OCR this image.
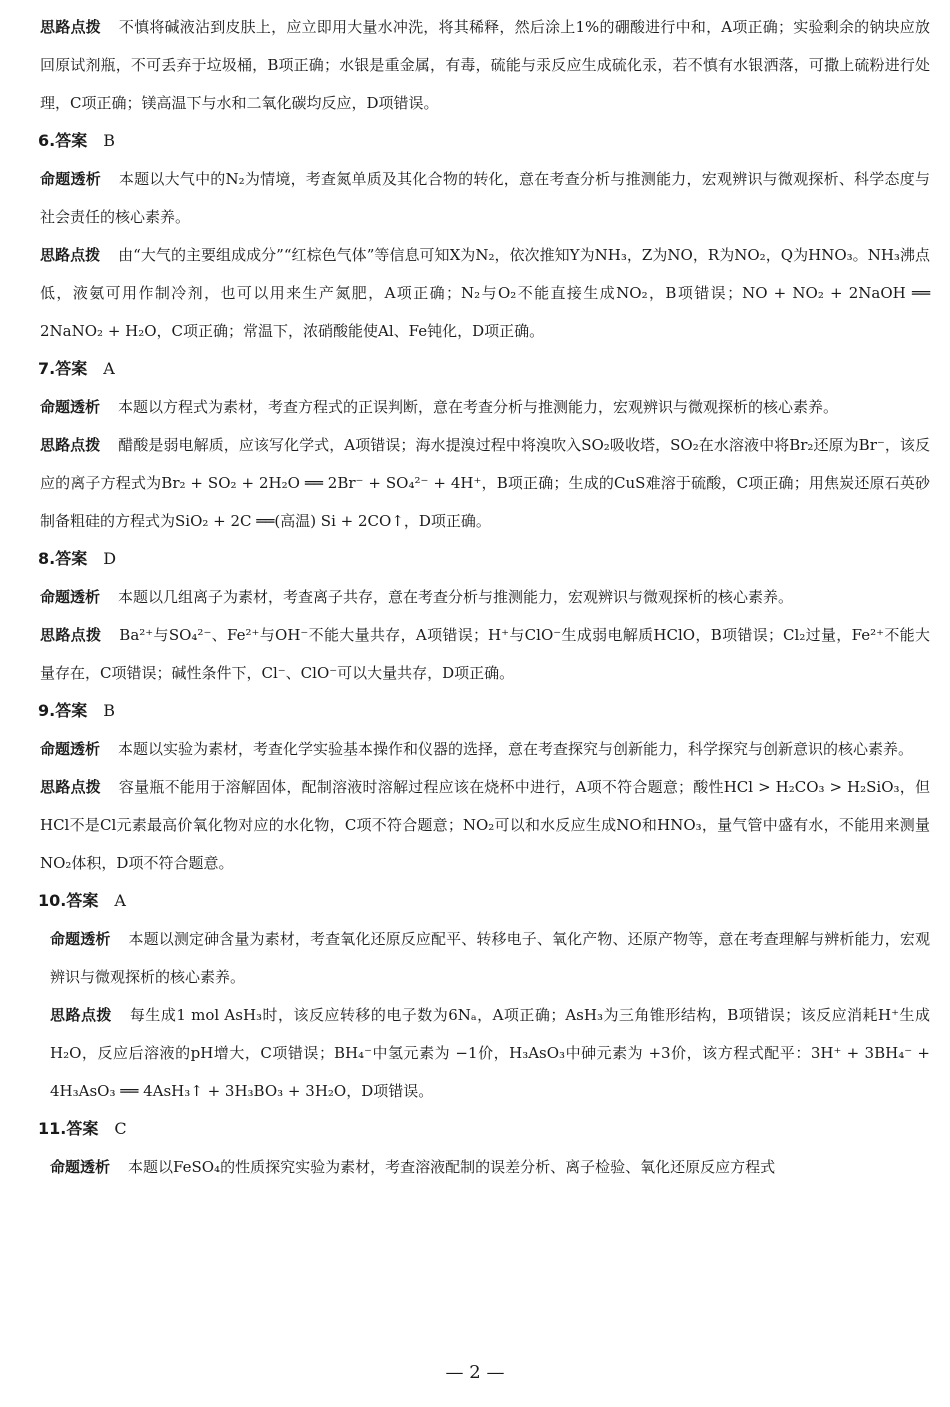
思路点拨 不慎将碱液沾到皮肤上，应立即用大量水冲洗，将其稀释，然后涂上1%的硼酸进行中和，A项正确；实验剩余的钠块应放回原试剂瓶，不可丢弃于垃圾桶，B项正确；水银是重金属，有毒，硫能与汞反应生成硫化汞，若不慎有水银洒落，可撒上硫粉进行处理，C项正确；镁高温下与水和二氧化碳均反应，D项错误。

6.答案 B

命题透析 本题以大气中的N₂为情境，考查氮单质及其化合物的转化，意在考查分析与推测能力，宏观辨识与微观探析、科学态度与社会责任的核心素养。

思路点拨 由“大气的主要组成成分”“红棕色气体”等信息可知X为N₂，依次推知Y为NH₃，Z为NO，R为NO₂，Q为HNO₃。NH₃沸点低，液氨可用作制冷剂，也可以用来生产氮肥，A项正确；N₂与O₂不能直接生成NO₂，B项错误；NO + NO₂ + 2NaOH ══ 2NaNO₂ + H₂O，C项正确；常温下，浓硝酸能使Al、Fe钝化，D项正确。

7.答案 A

命题透析 本题以方程式为素材，考查方程式的正误判断，意在考查分析与推测能力，宏观辨识与微观探析的核心素养。

思路点拨 醋酸是弱电解质，应该写化学式，A项错误；海水提溴过程中将溴吹入SO₂吸收塔，SO₂在水溶液中将Br₂还原为Br⁻，该反应的离子方程式为Br₂ + SO₂ + 2H₂O ══ 2Br⁻ + SO₄²⁻ + 4H⁺，B项正确；生成的CuS难溶于硫酸，C项正确；用焦炭还原石英砂制备粗硅的方程式为SiO₂ + 2C ══(高温) Si + 2CO↑，D项正确。

8.答案 D

命题透析 本题以几组离子为素材，考查离子共存，意在考查分析与推测能力，宏观辨识与微观探析的核心素养。

思路点拨 Ba²⁺与SO₄²⁻、Fe²⁺与OH⁻不能大量共存，A项错误；H⁺与ClO⁻生成弱电解质HClO，B项错误；Cl₂过量，Fe²⁺不能大量存在，C项错误；碱性条件下，Cl⁻、ClO⁻可以大量共存，D项正确。

9.答案 B

命题透析 本题以实验为素材，考查化学实验基本操作和仪器的选择，意在考查探究与创新能力，科学探究与创新意识的核心素养。

思路点拨 容量瓶不能用于溶解固体，配制溶液时溶解过程应该在烧杯中进行，A项不符合题意；酸性HCl > H₂CO₃ > H₂SiO₃，但HCl不是Cl元素最高价氧化物对应的水化物，C项不符合题意；NO₂可以和水反应生成NO和HNO₃，量气管中盛有水，不能用来测量NO₂体积，D项不符合题意。

10.答案 A

命题透析 本题以测定砷含量为素材，考查氧化还原反应配平、转移电子、氧化产物、还原产物等，意在考查理解与辨析能力，宏观辨识与微观探析的核心素养。

思路点拨 每生成1 mol AsH₃时，该反应转移的电子数为6Nₐ，A项正确；AsH₃为三角锥形结构，B项错误；该反应消耗H⁺生成H₂O，反应后溶液的pH增大，C项错误；BH₄⁻中氢元素为 −1价，H₃AsO₃中砷元素为 +3价，该方程式配平：3H⁺ + 3BH₄⁻ + 4H₃AsO₃ ══ 4AsH₃↑ + 3H₃BO₃ + 3H₂O，D项错误。

11.答案 C

命题透析 本题以FeSO₄的性质探究实验为素材，考查溶液配制的误差分析、离子检验、氧化还原反应方程式

— 2 —
